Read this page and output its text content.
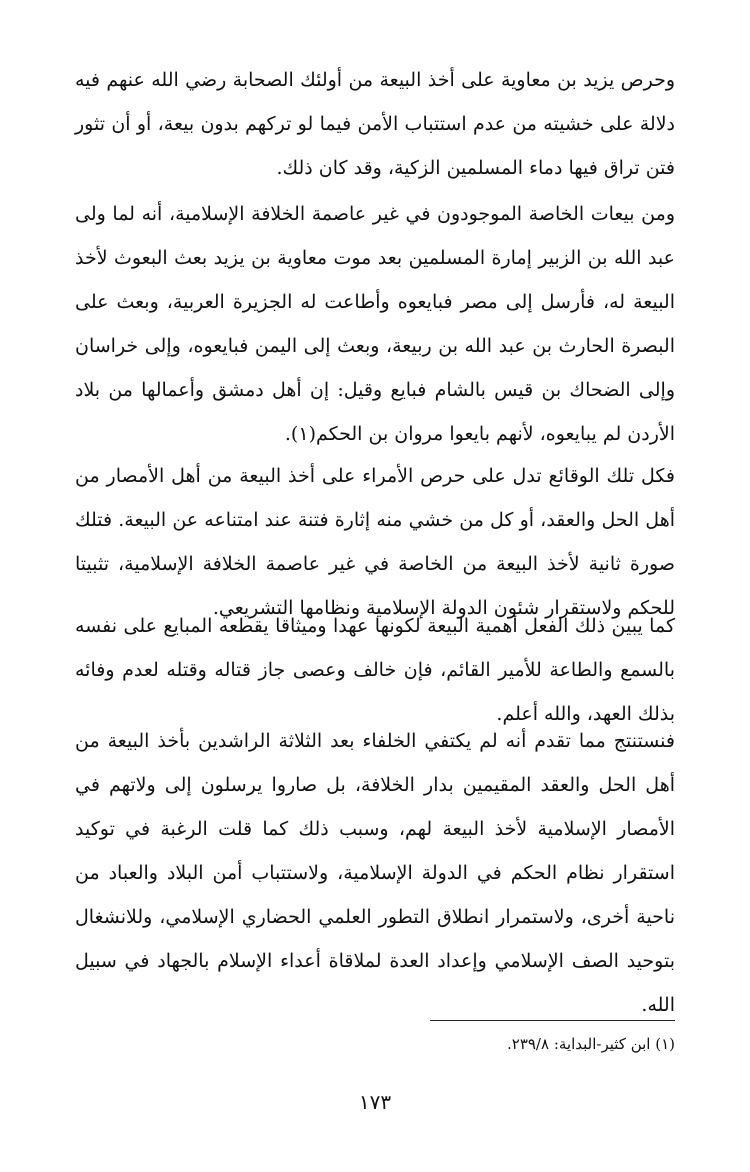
وحرص يزيد بن معاوية على أخذ البيعة من أولئك الصحابة رضي الله عنهم فيه دلالة على خشيته من عدم استتباب الأمن فيما لو تركهم بدون بيعة، أو أن تثور فتن تراق فيها دماء المسلمين الزكية، وقد كان ذلك.

ومن بيعات الخاصة الموجودون في غير عاصمة الخلافة الإسلامية، أنه لما ولى عبد الله بن الزبير إمارة المسلمين بعد موت معاوية بن يزيد بعث البعوث لأخذ البيعة له، فأرسل إلى مصر فبايعوه وأطاعت له الجزيرة العربية، وبعث على البصرة الحارث بن عبد الله بن ربيعة، وبعث إلى اليمن فبايعوه، وإلى خراسان وإلى الضحاك بن قيس بالشام فبايع وقيل: إن أهل دمشق وأعمالها من بلاد الأردن لم يبايعوه، لأنهم بايعوا مروان بن الحكم(١).

فكل تلك الوقائع تدل على حرص الأمراء على أخذ البيعة من أهل الأمصار من أهل الحل والعقد، أو كل من خشي منه إثارة فتنة عند امتناعه عن البيعة. فتلك صورة ثانية لأخذ البيعة من الخاصة في غير عاصمة الخلافة الإسلامية، تثبيتا للحكم ولاستقرار شئون الدولة الإسلامية ونظامها التشريعي.

كما يبين ذلك الفعل أهمية البيعة لكونها عهدا وميثاقا يقطعه المبايع على نفسه بالسمع والطاعة للأمير القائم، فإن خالف وعصى جاز قتاله وقتله لعدم وفائه بذلك العهد، والله أعلم.

فنستنتج مما تقدم أنه لم يكتفي الخلفاء بعد الثلاثة الراشدين بأخذ البيعة من أهل الحل والعقد المقيمين بدار الخلافة، بل صاروا يرسلون إلى ولاتهم في الأمصار الإسلامية لأخذ البيعة لهم، وسبب ذلك كما قلت الرغبة في توكيد استقرار نظام الحكم في الدولة الإسلامية، ولاستتباب أمن البلاد والعباد من ناحية أخرى، ولاستمرار انطلاق التطور العلمي الحضاري الإسلامي، وللانشغال بتوحيد الصف الإسلامي وإعداد العدة لملاقاة أعداء الإسلام بالجهاد في سبيل الله.

(١) ابن كثير-البداية: ٢٣٩/٨.

١٧٣
